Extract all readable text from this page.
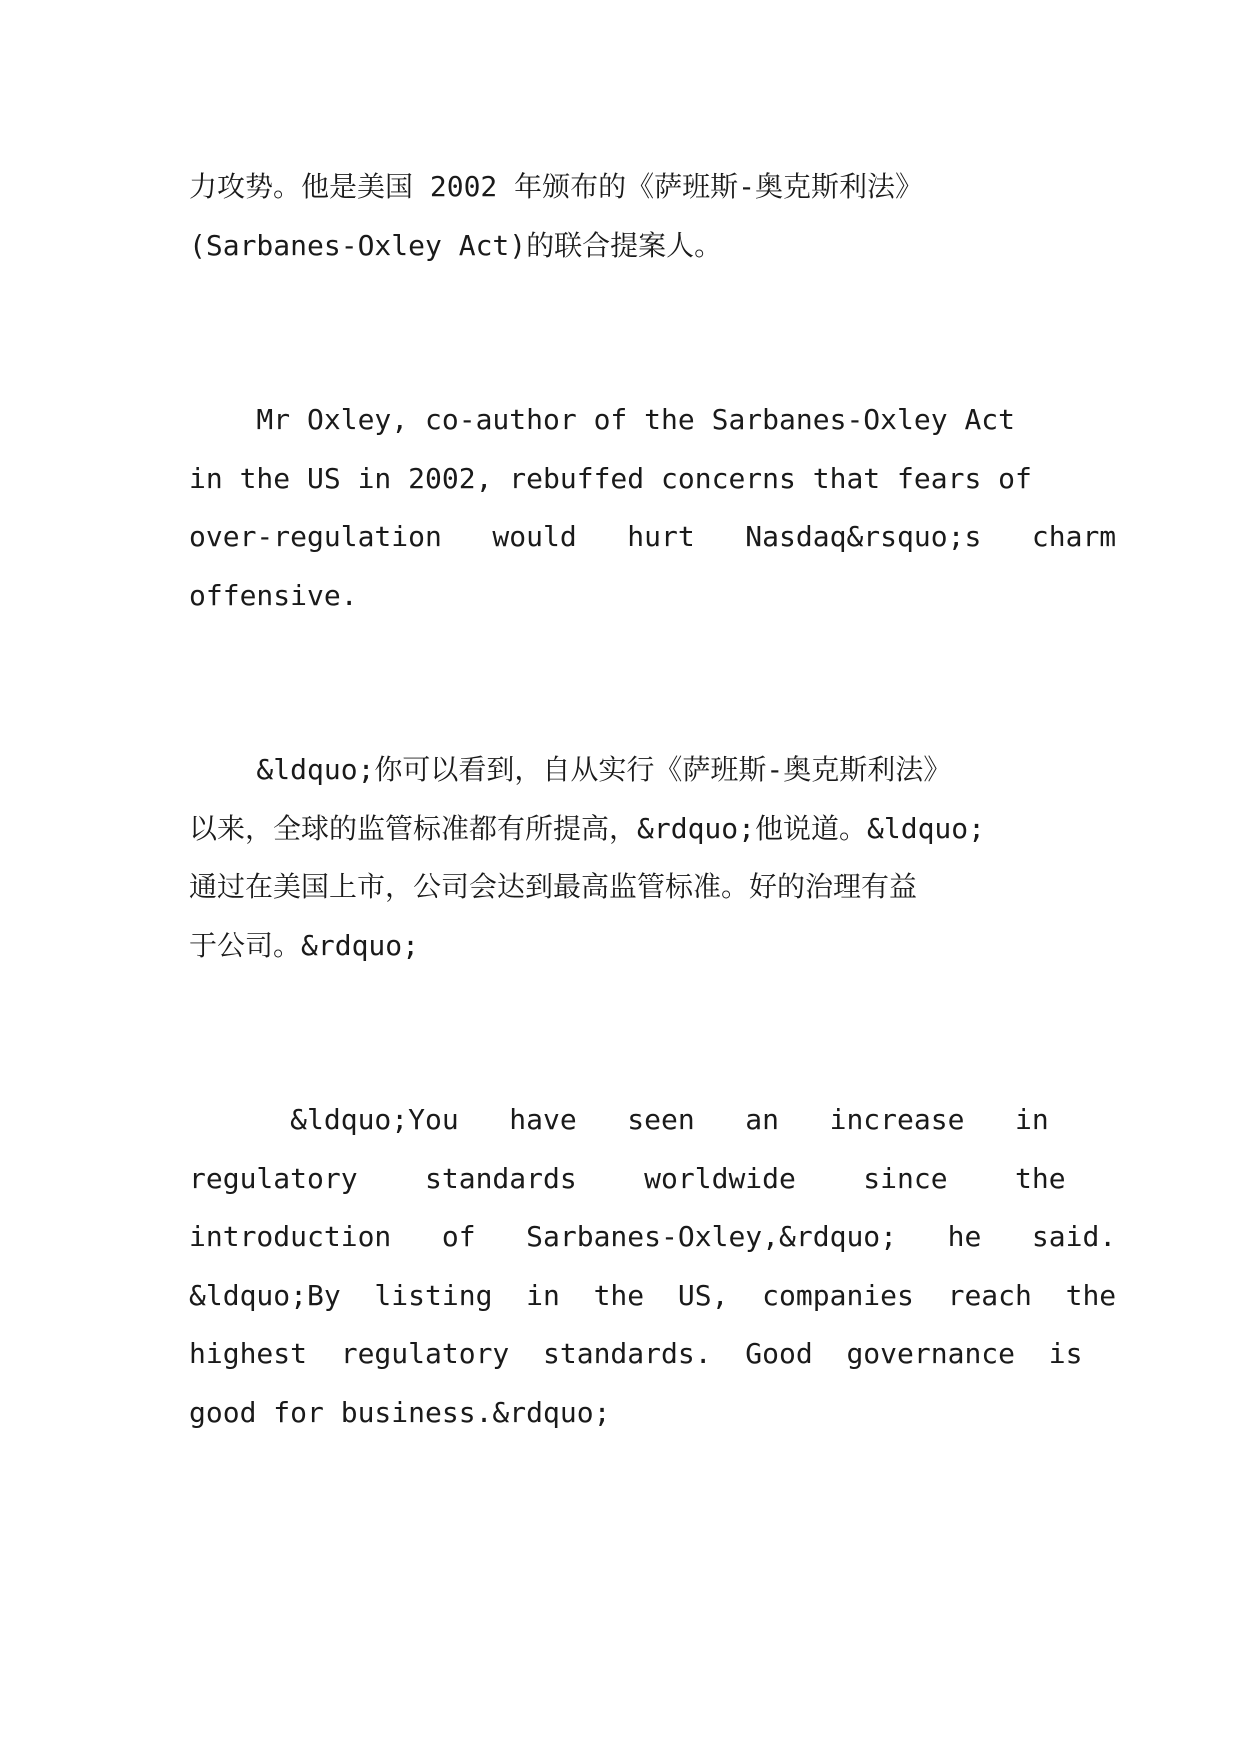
力攻势。他是美国 2002 年颁布的《萨班斯-奥克斯利法》
(Sarbanes-Oxley Act)的联合提案人。
Mr Oxley, co-author of the Sarbanes-Oxley Act
in the US in 2002, rebuffed concerns that fears of
over-regulation   would   hurt   Nasdaq&rsquo;s   charm
offensive.
&ldquo;你可以看到，自从实行《萨班斯-奥克斯利法》
以来，全球的监管标准都有所提高，&rdquo;他说道。&ldquo;
通过在美国上市，公司会达到最高监管标准。好的治理有益
于公司。&rdquo;
&ldquo;You   have   seen   an   increase   in
regulatory    standards    worldwide    since    the
introduction   of   Sarbanes-Oxley,&rdquo;   he   said.
&ldquo;By  listing  in  the  US,  companies  reach  the
highest  regulatory  standards.  Good  governance  is
good for business.&rdquo;
